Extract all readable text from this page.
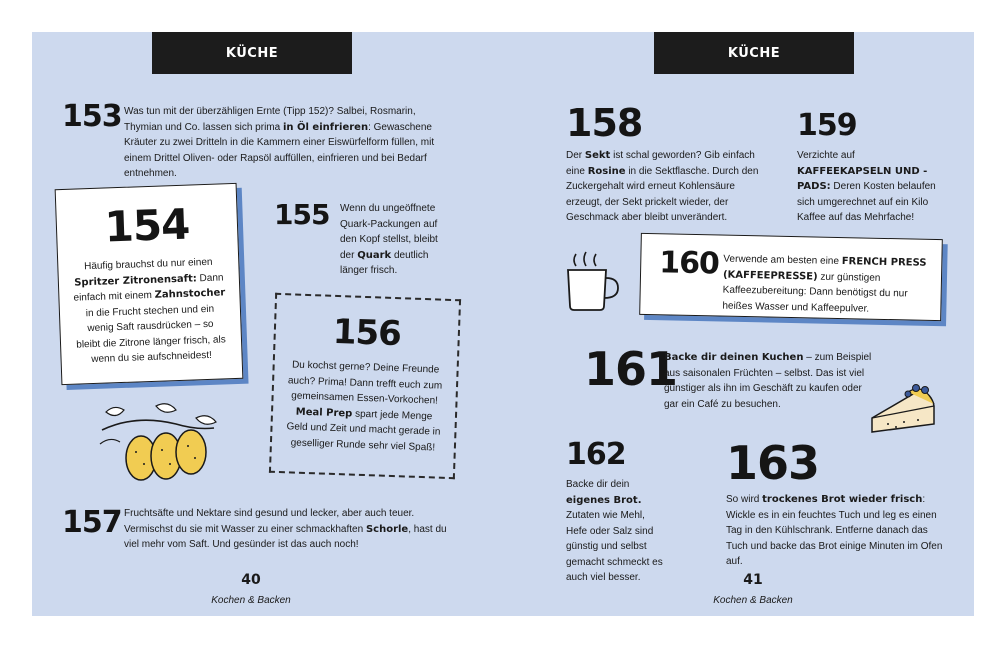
KÜCHE
153 Was tun mit der überzähligen Ernte (Tipp 152)? Salbei, Rosmarin, Thymian und Co. lassen sich prima in Öl einfrieren: Gewaschene Kräuter zu zwei Dritteln in die Kammern einer Eiswürfelform füllen, mit einem Drittel Oliven- oder Rapsöl auffüllen, einfrieren und bei Bedarf entnehmen.
154
Häufig brauchst du nur einen Spritzer Zitronensaft: Dann einfach mit einem Zahnstocher in die Frucht stechen und ein wenig Saft rausdrücken – so bleibt die Zitrone länger frisch, als wenn du sie aufschneidest!
155 Wenn du ungeöffnete Quark-Packungen auf den Kopf stellst, bleibt der Quark deutlich länger frisch.
156
Du kochst gerne? Deine Freunde auch? Prima! Dann trefft euch zum gemeinsamen Essen-Vorkochen! Meal Prep spart jede Menge Geld und Zeit und macht gerade in geselliger Runde sehr viel Spaß!
157 Fruchtsäfte und Nektare sind gesund und lecker, aber auch teuer. Vermischst du sie mit Wasser zu einer schmackhaften Schorle, hast du viel mehr vom Saft. Und gesünder ist das auch noch!
40
Kochen & Backen
KÜCHE
158
Der Sekt ist schal geworden? Gib einfach eine Rosine in die Sektflasche. Durch den Zuckergehalt wird erneut Kohlensäure erzeugt, der Sekt prickelt wieder, der Geschmack aber bleibt unverändert.
159
Verzichte auf KAFFEEKAPSELN UND -PADS: Deren Kosten belaufen sich umgerechnet auf ein Kilo Kaffee auf das Mehrfache!
160 Verwende am besten eine FRENCH PRESS (KAFFEEPRESSE) zur günstigen Kaffeezubereitung: Dann benötigst du nur heißes Wasser und Kaffeepulver.
161
Backe dir deinen Kuchen – zum Beispiel aus saisonalen Früchten – selbst. Das ist viel günstiger als ihn im Geschäft zu kaufen oder gar ein Café zu besuchen.
162
Backe dir dein eigenes Brot. Zutaten wie Mehl, Hefe oder Salz sind günstig und selbst gemacht schmeckt es auch viel besser.
163
So wird trockenes Brot wieder frisch: Wickle es in ein feuchtes Tuch und leg es einen Tag in den Kühlschrank. Entferne danach das Tuch und backe das Brot einige Minuten im Ofen auf.
41
Kochen & Backen
